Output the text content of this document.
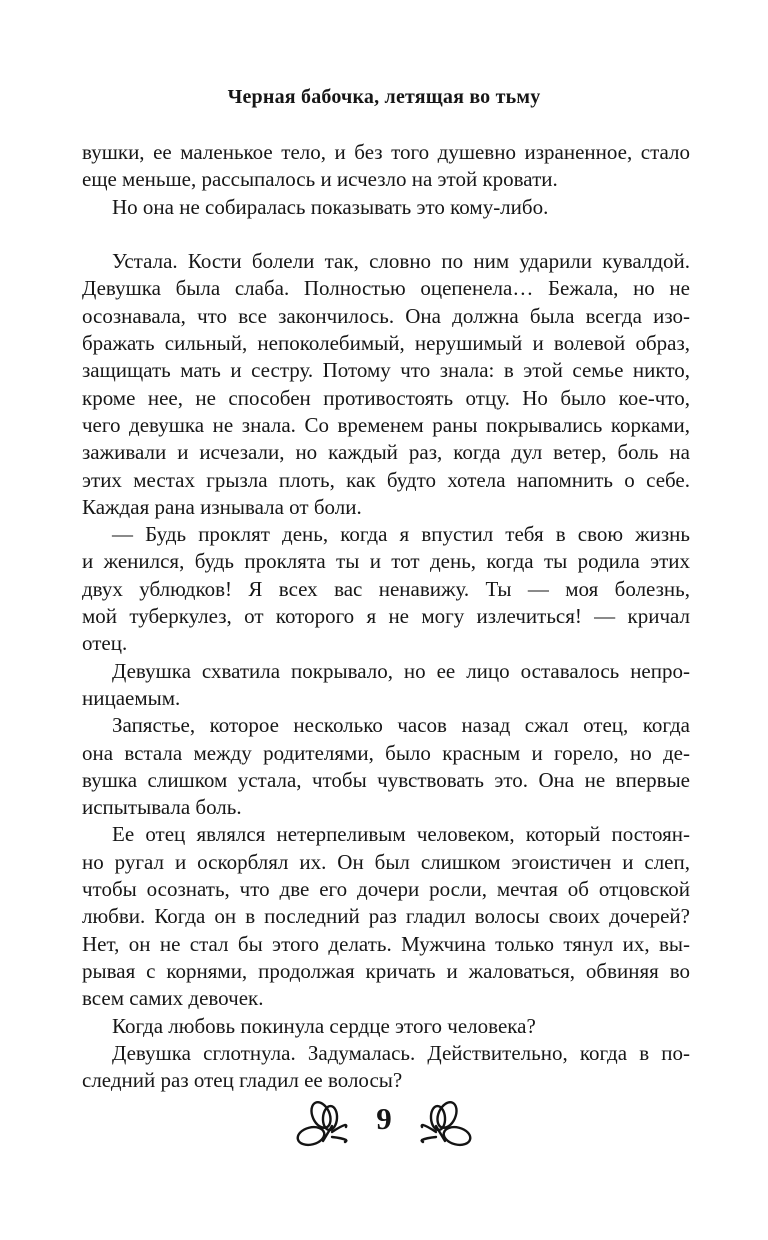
Черная бабочка, летящая во тьму
вушки, ее маленькое тело, и без того душевно израненное, стало
еще меньше, рассыпалось и исчезло на этой кровати.
Но она не собиралась показывать это кому-либо.
Устала. Кости болели так, словно по ним ударили кувалдой.
Девушка была слаба. Полностью оцепенела… Бежала, но не
осознавала, что все закончилось. Она должна была всегда изо-
бражать сильный, непоколебимый, нерушимый и волевой образ,
защищать мать и сестру. Потому что знала: в этой семье никто,
кроме нее, не способен противостоять отцу. Но было кое-что,
чего девушка не знала. Со временем раны покрывались корками,
заживали и исчезали, но каждый раз, когда дул ветер, боль на
этих местах грызла плоть, как будто хотела напомнить о себе.
Каждая рана изнывала от боли.
— Будь проклят день, когда я впустил тебя в свою жизнь
и женился, будь проклята ты и тот день, когда ты родила этих
двух ублюдков! Я всех вас ненавижу. Ты — моя болезнь,
мой туберкулез, от которого я не могу излечиться! — кричал
отец.
Девушка схватила покрывало, но ее лицо оставалось непро-
ницаемым.
Запястье, которое несколько часов назад сжал отец, когда
она встала между родителями, было красным и горело, но де-
вушка слишком устала, чтобы чувствовать это. Она не впервые
испытывала боль.
Ее отец являлся нетерпеливым человеком, который постоян-
но ругал и оскорблял их. Он был слишком эгоистичен и слеп,
чтобы осознать, что две его дочери росли, мечтая об отцовской
любви. Когда он в последний раз гладил волосы своих дочерей?
Нет, он не стал бы этого делать. Мужчина только тянул их, вы-
рывая с корнями, продолжая кричать и жаловаться, обвиняя во
всем самих девочек.
Когда любовь покинула сердце этого человека?
Девушка сглотнула. Задумалась. Действительно, когда в по-
следний раз отец гладил ее волосы?
9
